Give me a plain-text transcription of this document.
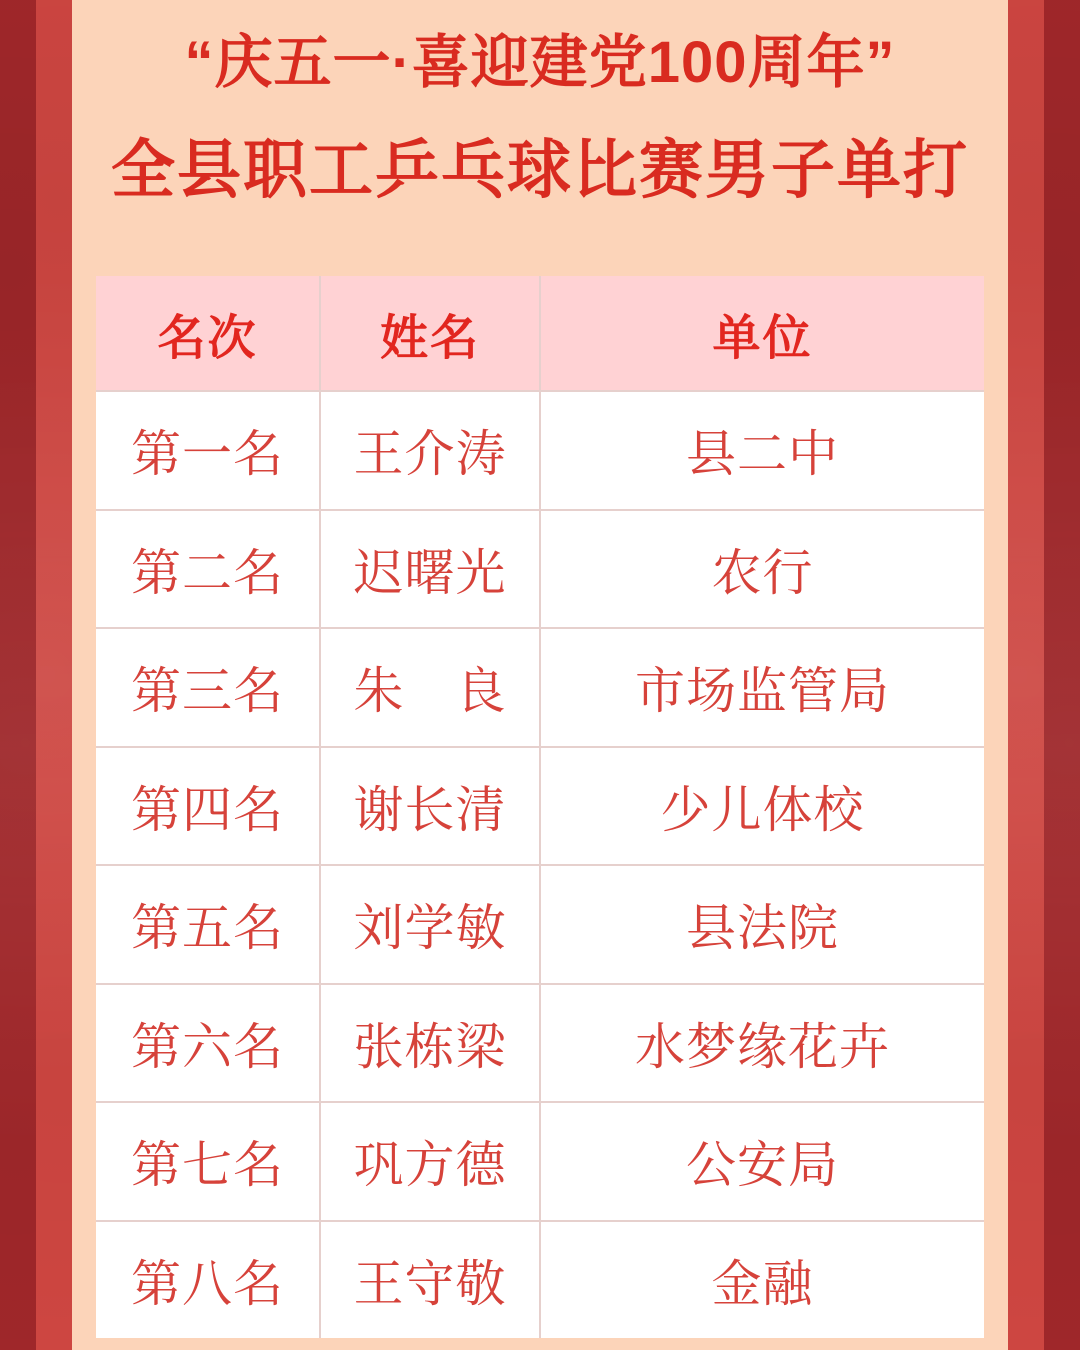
“庆五一·喜迎建党100周年”
全县职工乒乓球比赛男子单打
名次	姓名	单位
第一名	王介涛	县二中
第二名	迟曙光	农行
第三名	朱　良	市场监管局
第四名	谢长清	少儿体校
第五名	刘学敏	县法院
第六名	张栋梁	水梦缘花卉
第七名	巩方德	公安局
第八名	王守敬	金融
